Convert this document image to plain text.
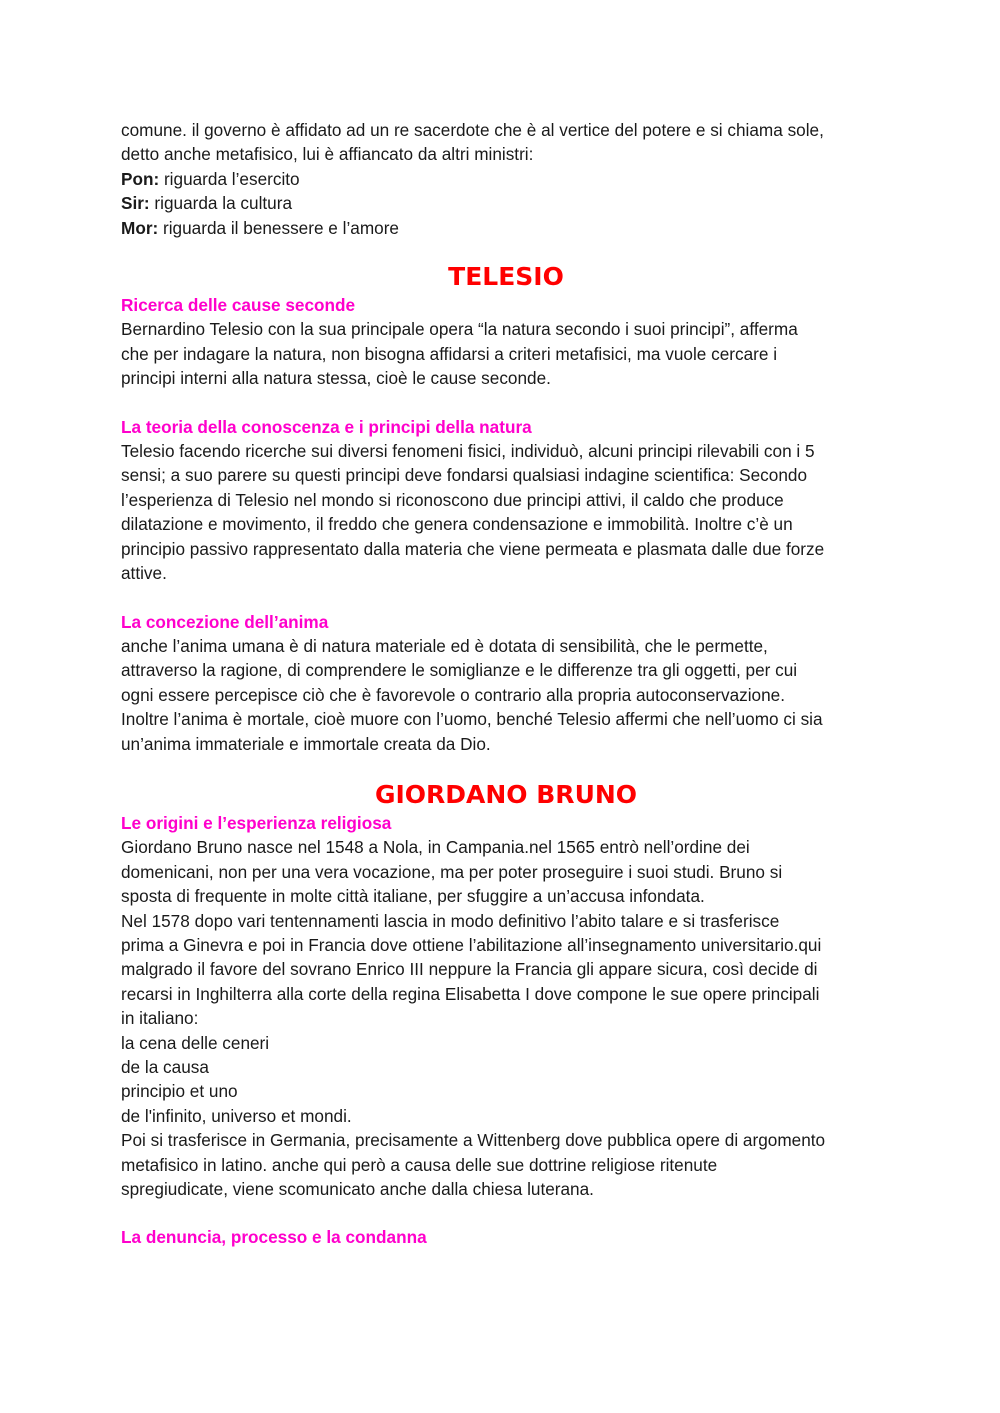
comune. il governo è affidato ad un re sacerdote che è al vertice del potere e si chiama sole,
detto anche metafisico, lui è affiancato da altri ministri:
Pon: riguarda l’esercito
Sir: riguarda la cultura
Mor: riguarda il benessere e l’amore
TELESIO
Ricerca delle cause seconde
Bernardino Telesio con la sua principale opera “la natura secondo i suoi principi”, afferma
che per indagare la natura, non bisogna affidarsi a criteri metafisici, ma vuole cercare i
principi interni alla natura stessa, cioè le cause seconde.
La teoria della conoscenza e i principi della natura
Telesio facendo ricerche sui diversi fenomeni fisici, individuò, alcuni principi rilevabili con i 5
sensi; a suo parere su questi principi deve fondarsi qualsiasi indagine scientifica: Secondo
l’esperienza di Telesio nel mondo si riconoscono due principi attivi, il caldo che produce
dilatazione e movimento, il freddo che genera condensazione e immobilità. Inoltre c’è un
principio passivo rappresentato dalla materia che viene permeata e plasmata dalle due forze
attive.
La concezione dell’anima
anche l’anima umana è di natura materiale ed è dotata di sensibilità, che le permette,
attraverso la ragione, di comprendere le somiglianze e le differenze tra gli oggetti, per cui
ogni essere percepisce ciò che è favorevole o contrario alla propria autoconservazione.
Inoltre l’anima è mortale, cioè muore con l’uomo, benché Telesio affermi che nell’uomo ci sia
un’anima immateriale e immortale creata da Dio.
GIORDANO BRUNO
Le origini e l’esperienza religiosa
Giordano Bruno nasce nel 1548 a Nola, in Campania.nel 1565 entrò nell’ordine dei
domenicani, non per una vera vocazione, ma per poter proseguire i suoi studi. Bruno si
sposta di frequente in molte città italiane, per sfuggire a un’accusa infondata.
Nel 1578 dopo vari tentennamenti lascia in modo definitivo l’abito talare e si trasferisce
prima a Ginevra e poi in Francia dove ottiene l’abilitazione all’insegnamento universitario.qui
malgrado il favore del sovrano Enrico III neppure la Francia gli appare sicura, così decide di
recarsi in Inghilterra alla corte della regina Elisabetta I dove compone le sue opere principali
in italiano:
la cena delle ceneri
de la causa
principio et uno
de l'infinito, universo et mondi.
Poi si trasferisce in Germania, precisamente a Wittenberg dove pubblica opere di argomento
metafisico in latino. anche qui però a causa delle sue dottrine religiose ritenute
spregiudicate, viene scomunicato anche dalla chiesa luterana.
La denuncia, processo e la condanna
